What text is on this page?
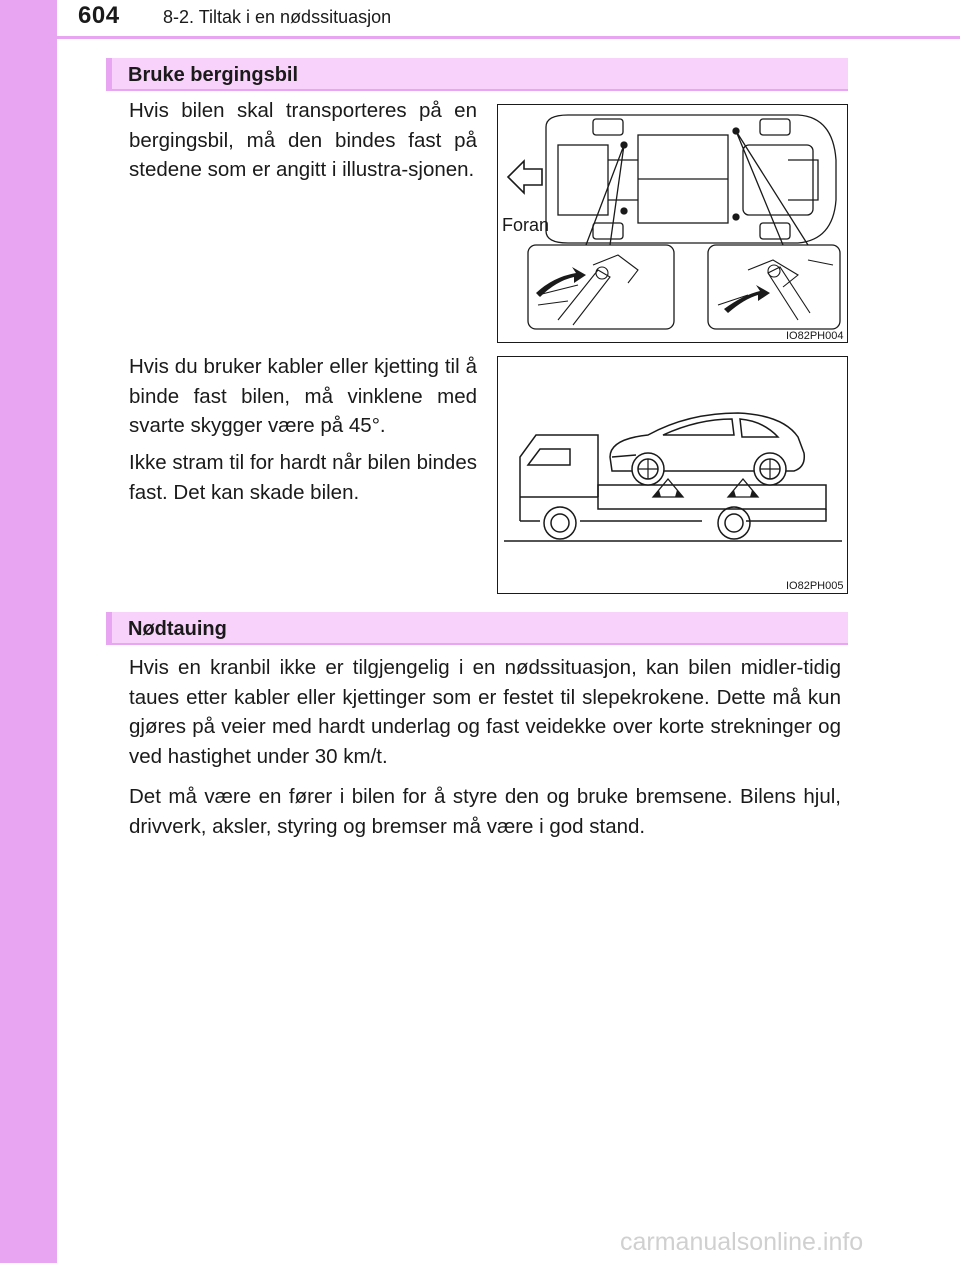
604 8-2. Tiltak i en nødssituasjon
Bruke bergingsbil
Hvis bilen skal transporteres på en bergingsbil, må den bindes fast på stedene som er angitt i illustra-sjonen.
Hvis du bruker kabler eller kjetting til å binde fast bilen, må vinklene med svarte skygger være på 45°.
Ikke stram til for hardt når bilen bindes fast. Det kan skade bilen.
Foran
IO82PH004
IO82PH005
Nødtauing
Hvis en kranbil ikke er tilgjengelig i en nødssituasjon, kan bilen midler-tidig taues etter kabler eller kjettinger som er festet til slepekrokene. Dette må kun gjøres på veier med hardt underlag og fast veidekke over korte strekninger og ved hastighet under 30 km/t.
Det må være en fører i bilen for å styre den og bruke bremsene. Bilens hjul, drivverk, aksler, styring og bremser må være i god stand.
carmanualsonline.info
